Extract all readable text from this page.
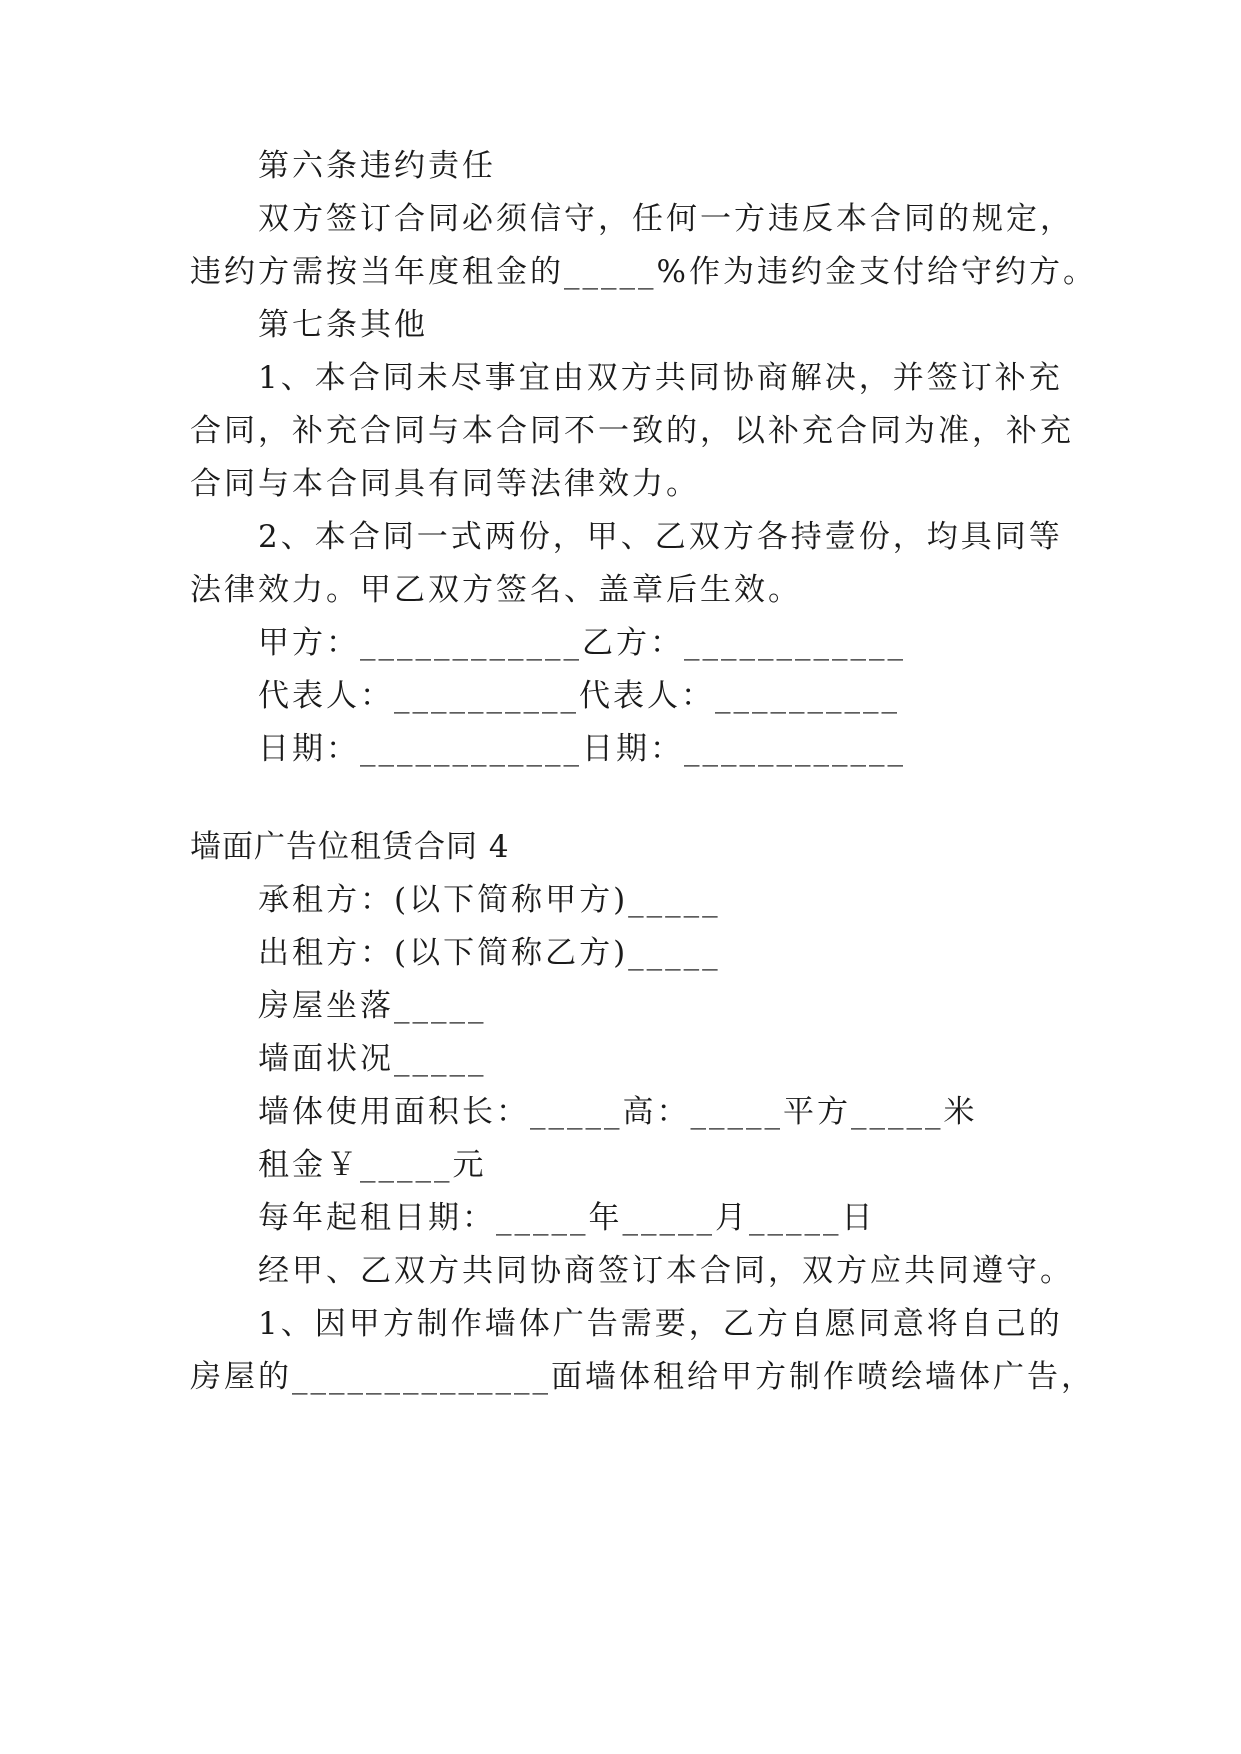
第六条违约责任
双方签订合同必须信守，任何一方违反本合同的规定，
违约方需按当年度租金的_____%作为违约金支付给守约方。
第七条其他
1、本合同未尽事宜由双方共同协商解决，并签订补充
合同，补充合同与本合同不一致的，以补充合同为准，补充
合同与本合同具有同等法律效力。
2、本合同一式两份，甲、乙双方各持壹份，均具同等
法律效力。甲乙双方签名、盖章后生效。
甲方：____________乙方：____________
代表人：__________代表人：__________
日期：____________日期：____________
墙面广告位租赁合同 4
承租方：(以下简称甲方)_____
出租方：(以下简称乙方)_____
房屋坐落_____
墙面状况_____
墙体使用面积长：_____高：_____平方_____米
租金￥_____元
每年起租日期：_____年_____月_____日
经甲、乙双方共同协商签订本合同，双方应共同遵守。
1、因甲方制作墙体广告需要，乙方自愿同意将自己的
房屋的______________面墙体租给甲方制作喷绘墙体广告，
